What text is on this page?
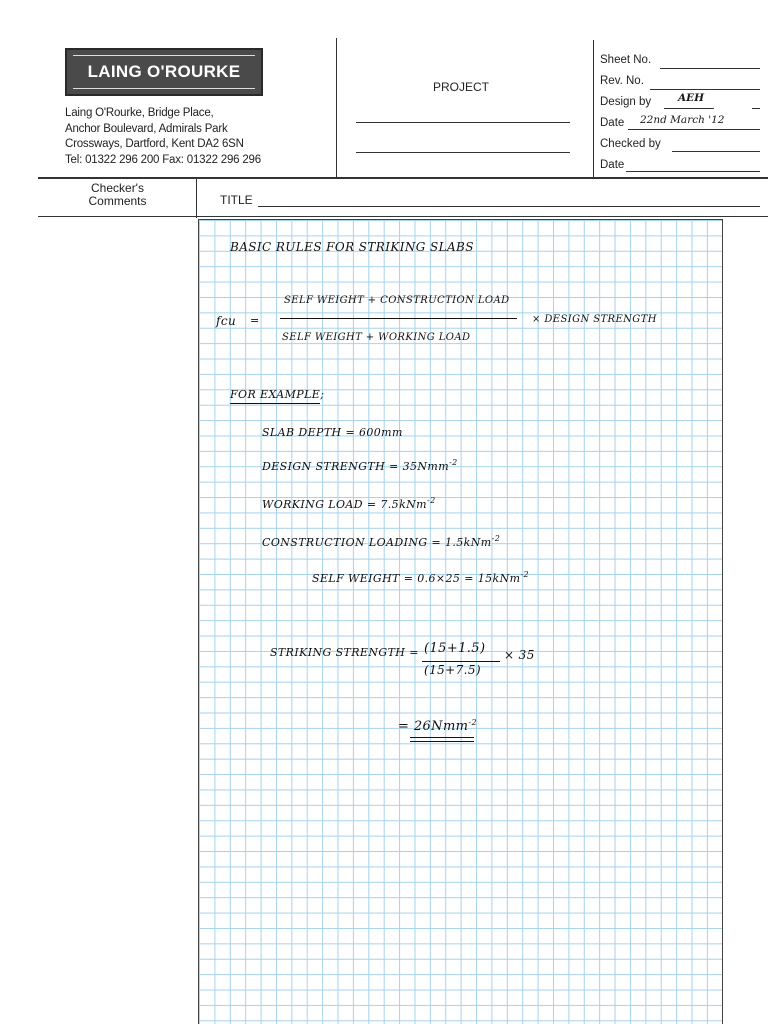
LAING O'ROURKE
Laing O'Rourke, Bridge Place,
Anchor Boulevard, Admirals Park
Crossways, Dartford, Kent DA2 6SN
Tel: 01322 296 200 Fax: 01322 296 296
PROJECT
Sheet No.
Rev. No.
Design by	AEH
Date 22nd March '12
Checked by
Date
Checker's
Comments	TITLE
BASIC RULES FOR STRIKING SLABS
fcu =
SELF WEIGHT + CONSTRUCTION LOAD
SELF WEIGHT + WORKING LOAD
× DESIGN STRENGTH
FOR EXAMPLE;
SLAB DEPTH = 600mm
DESIGN STRENGTH = 35Nmm$^{-2}$
WORKING LOAD = 7.5kNm$^{-2}$
CONSTRUCTION LOADING = 1.5kNm$^{-2}$
SELF WEIGHT = 0.6×25 = 15kNm$^{-2}$
STRIKING STRENGTH = (15+1.5)
(15+7.5)
× 35
= 26Nmm$^{-2}$
